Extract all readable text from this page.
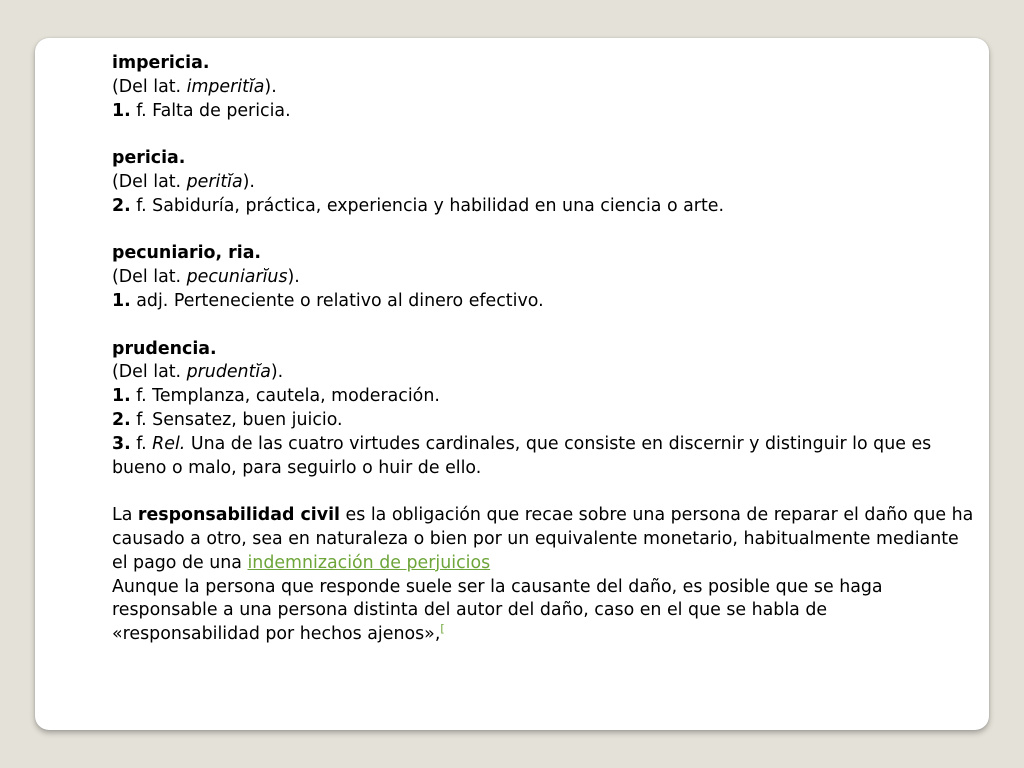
impericia.
(Del lat. imperitĭa).
1. f. Falta de pericia.
pericia.
(Del lat. peritĭa).
2. f. Sabiduría, práctica, experiencia y habilidad en una ciencia o arte.
pecuniario, ria.
(Del lat. pecuniarĭus).
1. adj. Perteneciente o relativo al dinero efectivo.
prudencia.
(Del lat. prudentĭa).
1. f. Templanza, cautela, moderación.
2. f. Sensatez, buen juicio.
3. f. Rel. Una de las cuatro virtudes cardinales, que consiste en discernir y distinguir lo que es bueno o malo, para seguirlo o huir de ello.
La responsabilidad civil es la obligación que recae sobre una persona de reparar el daño que ha causado a otro, sea en naturaleza o bien por un equivalente monetario, habitualmente mediante el pago de una indemnización de perjuicios
Aunque la persona que responde suele ser la causante del daño, es posible que se haga responsable a una persona distinta del autor del daño, caso en el que se habla de «responsabilidad por hechos ajenos»,[
